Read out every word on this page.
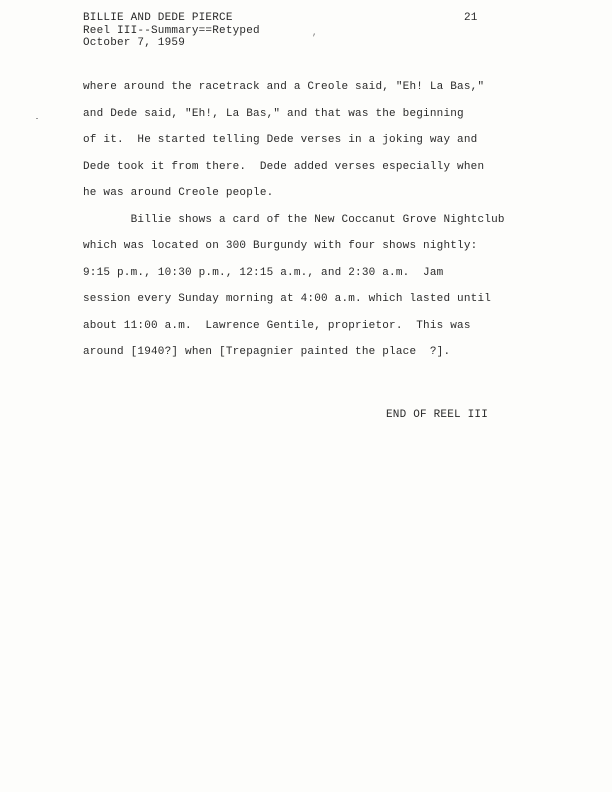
BILLIE AND DEDE PIERCE
Reel III--Summary==Retyped
October 7, 1959
21
,
where around the racetrack and a Creole said, "Eh! La Bas,"
and Dede said, "Eh!, La Bas," and that was the beginning
of it.  He started telling Dede verses in a joking way and
Dede took it from there.  Dede added verses especially when
he was around Creole people.
Billie shows a card of the New Coccanut Grove Nightclub
which was located on 300 Burgundy with four shows nightly:
9:15 p.m., 10:30 p.m., 12:15 a.m., and 2:30 a.m.  Jam
session every Sunday morning at 4:00 a.m. which lasted until
about 11:00 a.m.  Lawrence Gentile, proprietor.  This was
around [1940?] when [Trepagnier painted the place  ?].
END OF REEL III
